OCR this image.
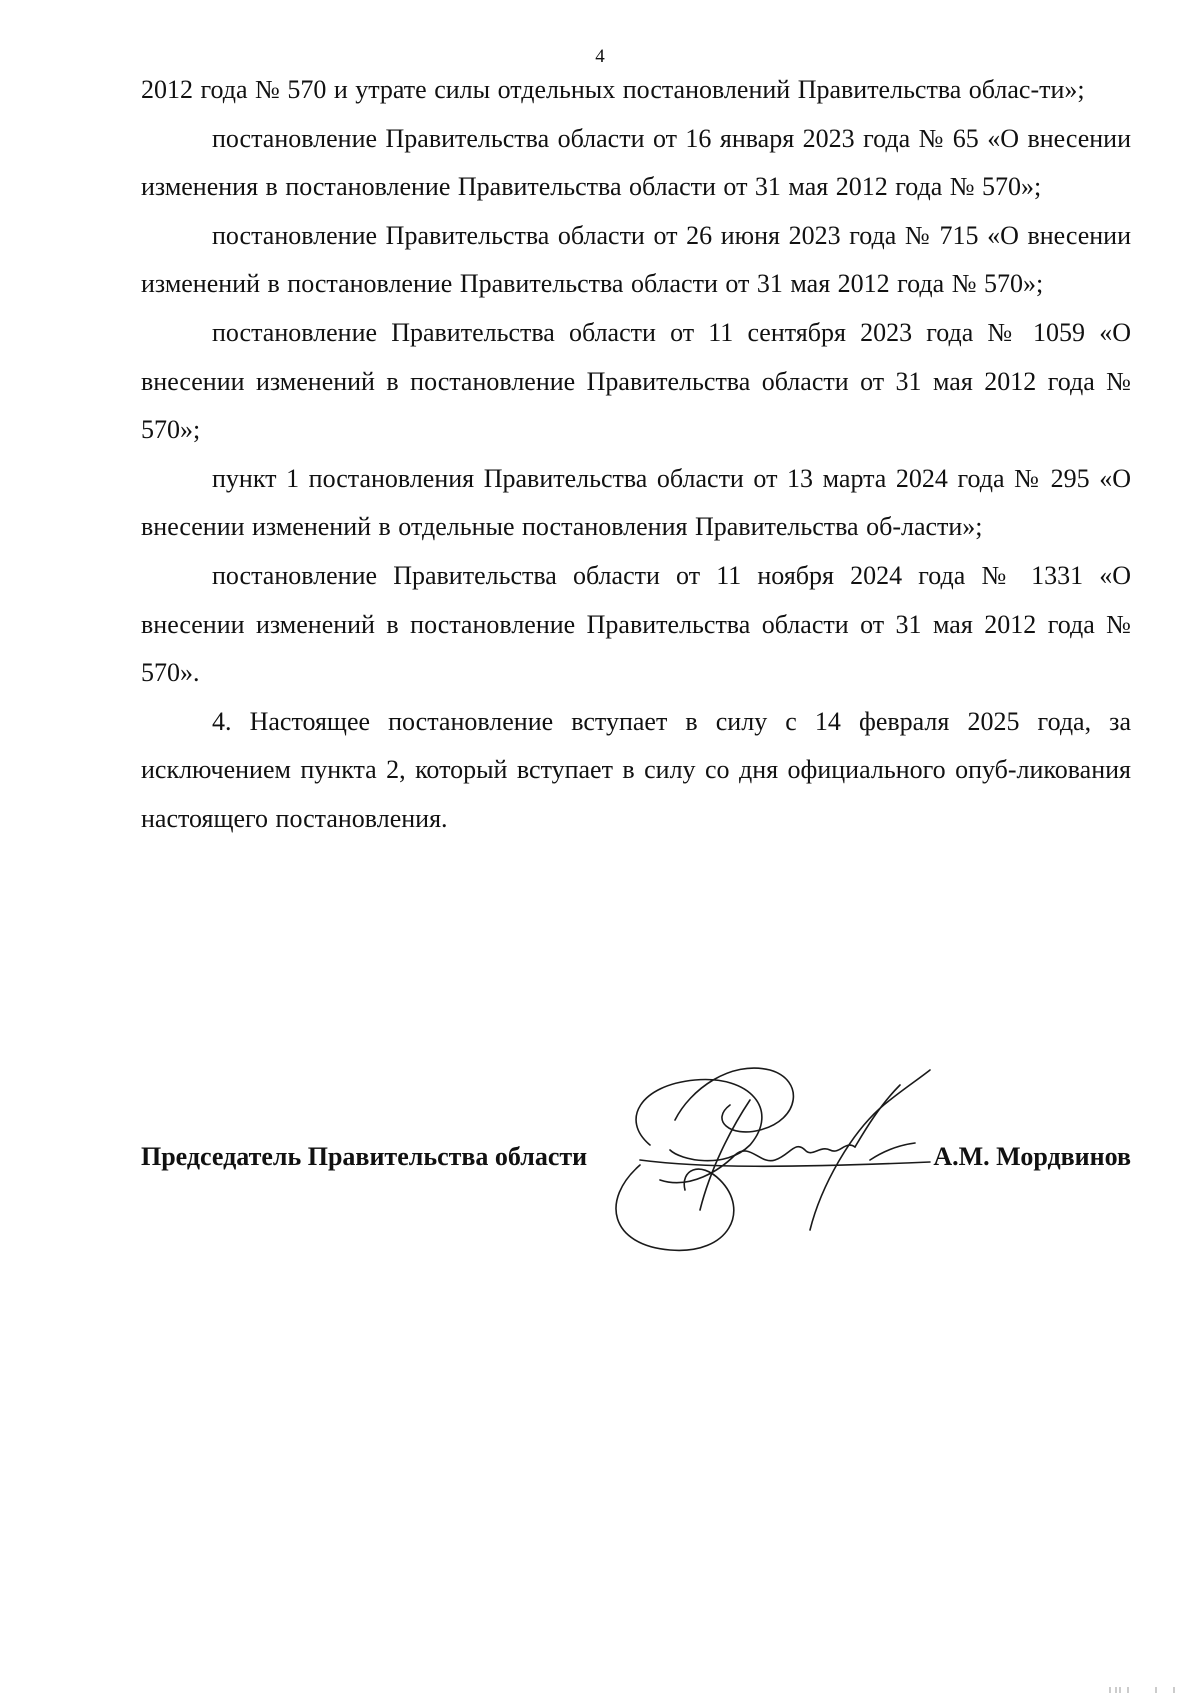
4

2012 года № 570 и утрате силы отдельных постановлений Правительства облас-ти»;

постановление Правительства области от 16 января 2023 года № 65 «О внесении изменения в постановление Правительства области от 31 мая 2012 года № 570»;

постановление Правительства области от 26 июня 2023 года № 715 «О внесении изменений в постановление Правительства области от 31 мая 2012 года № 570»;

постановление Правительства области от 11 сентября 2023 года № 1059 «О внесении изменений в постановление Правительства области от 31 мая 2012 года № 570»;

пункт 1 постановления Правительства области от 13 марта 2024 года № 295 «О внесении изменений в отдельные постановления Правительства об-ласти»;

постановление Правительства области от 11 ноября 2024 года № 1331 «О внесении изменений в постановление Правительства области от 31 мая 2012 года № 570».

4. Настоящее постановление вступает в силу с 14 февраля 2025 года, за исключением пункта 2, который вступает в силу со дня официального опуб-ликования настоящего постановления.

Председатель Правительства области	А.М. Мордвинов
